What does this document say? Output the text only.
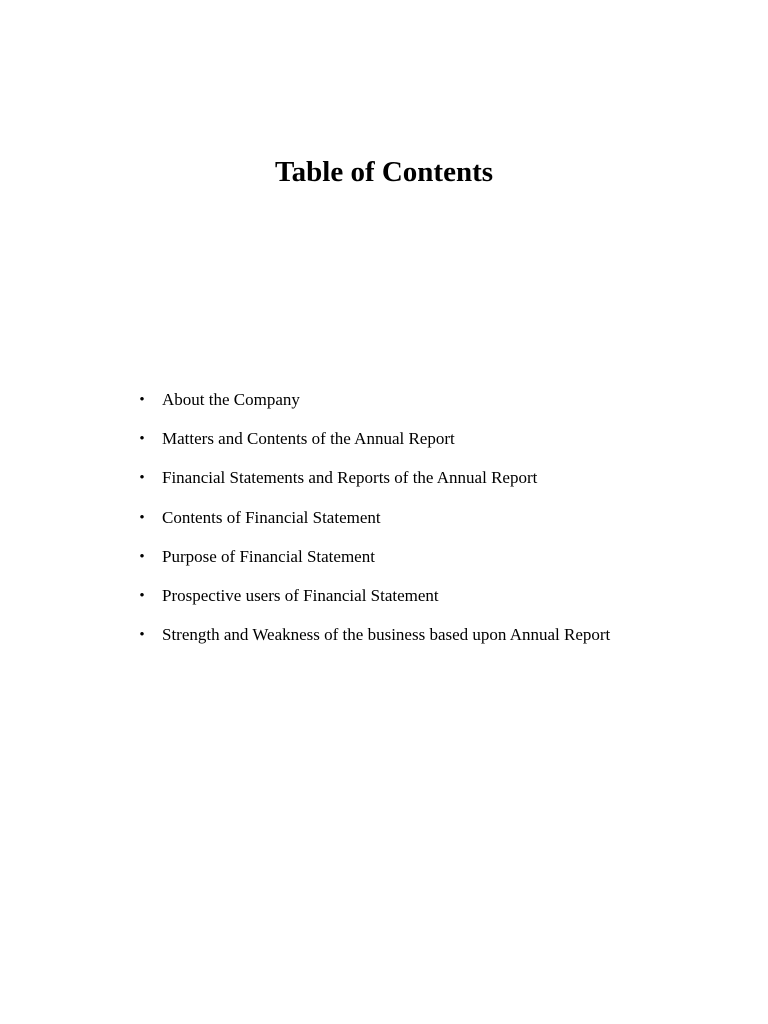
Table of Contents
•	About the Company
•	Matters and Contents of the Annual Report
•	Financial Statements and Reports of the Annual Report
•	Contents of Financial Statement
•	Purpose of Financial Statement
•	Prospective users of Financial Statement
•	Strength and Weakness of the business based upon Annual Report
